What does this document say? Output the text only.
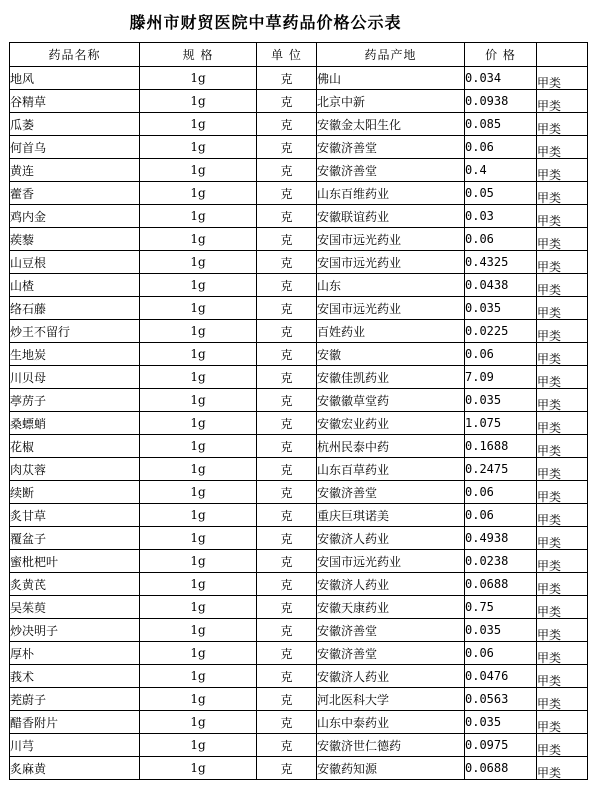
滕州市财贸医院中草药品价格公示表
药品名称	规 格	单 位	药品产地	价 格	
地风	1g	克	佛山	0.034	甲类
谷精草	1g	克	北京中新	0.0938	甲类
瓜萎	1g	克	安徽金太阳生化	0.085	甲类
何首乌	1g	克	安徽济善堂	0.06	甲类
黄连	1g	克	安徽济善堂	0.4	甲类
藿香	1g	克	山东百维药业	0.05	甲类
鸡内金	1g	克	安徽联谊药业	0.03	甲类
蒺藜	1g	克	安国市远光药业	0.06	甲类
山豆根	1g	克	安国市远光药业	0.4325	甲类
山楂	1g	克	山东	0.0438	甲类
络石藤	1g	克	安国市远光药业	0.035	甲类
炒王不留行	1g	克	百姓药业	0.0225	甲类
生地炭	1g	克	安徽	0.06	甲类
川贝母	1g	克	安徽佳凯药业	7.09	甲类
葶苈子	1g	克	安徽徽草堂药	0.035	甲类
桑螵蛸	1g	克	安徽宏业药业	1.075	甲类
花椒	1g	克	杭州民泰中药	0.1688	甲类
肉苁蓉	1g	克	山东百草药业	0.2475	甲类
续断	1g	克	安徽济善堂	0.06	甲类
炙甘草	1g	克	重庆巨琪诺美	0.06	甲类
覆盆子	1g	克	安徽济人药业	0.4938	甲类
蜜枇杷叶	1g	克	安国市远光药业	0.0238	甲类
炙黄芪	1g	克	安徽济人药业	0.0688	甲类
吴茱萸	1g	克	安徽天康药业	0.75	甲类
炒决明子	1g	克	安徽济善堂	0.035	甲类
厚朴	1g	克	安徽济善堂	0.06	甲类
莪术	1g	克	安徽济人药业	0.0476	甲类
茺蔚子	1g	克	河北医科大学	0.0563	甲类
醋香附片	1g	克	山东中泰药业	0.035	甲类
川芎	1g	克	安徽济世仁德药	0.0975	甲类
炙麻黄	1g	克	安徽药知源	0.0688	甲类
